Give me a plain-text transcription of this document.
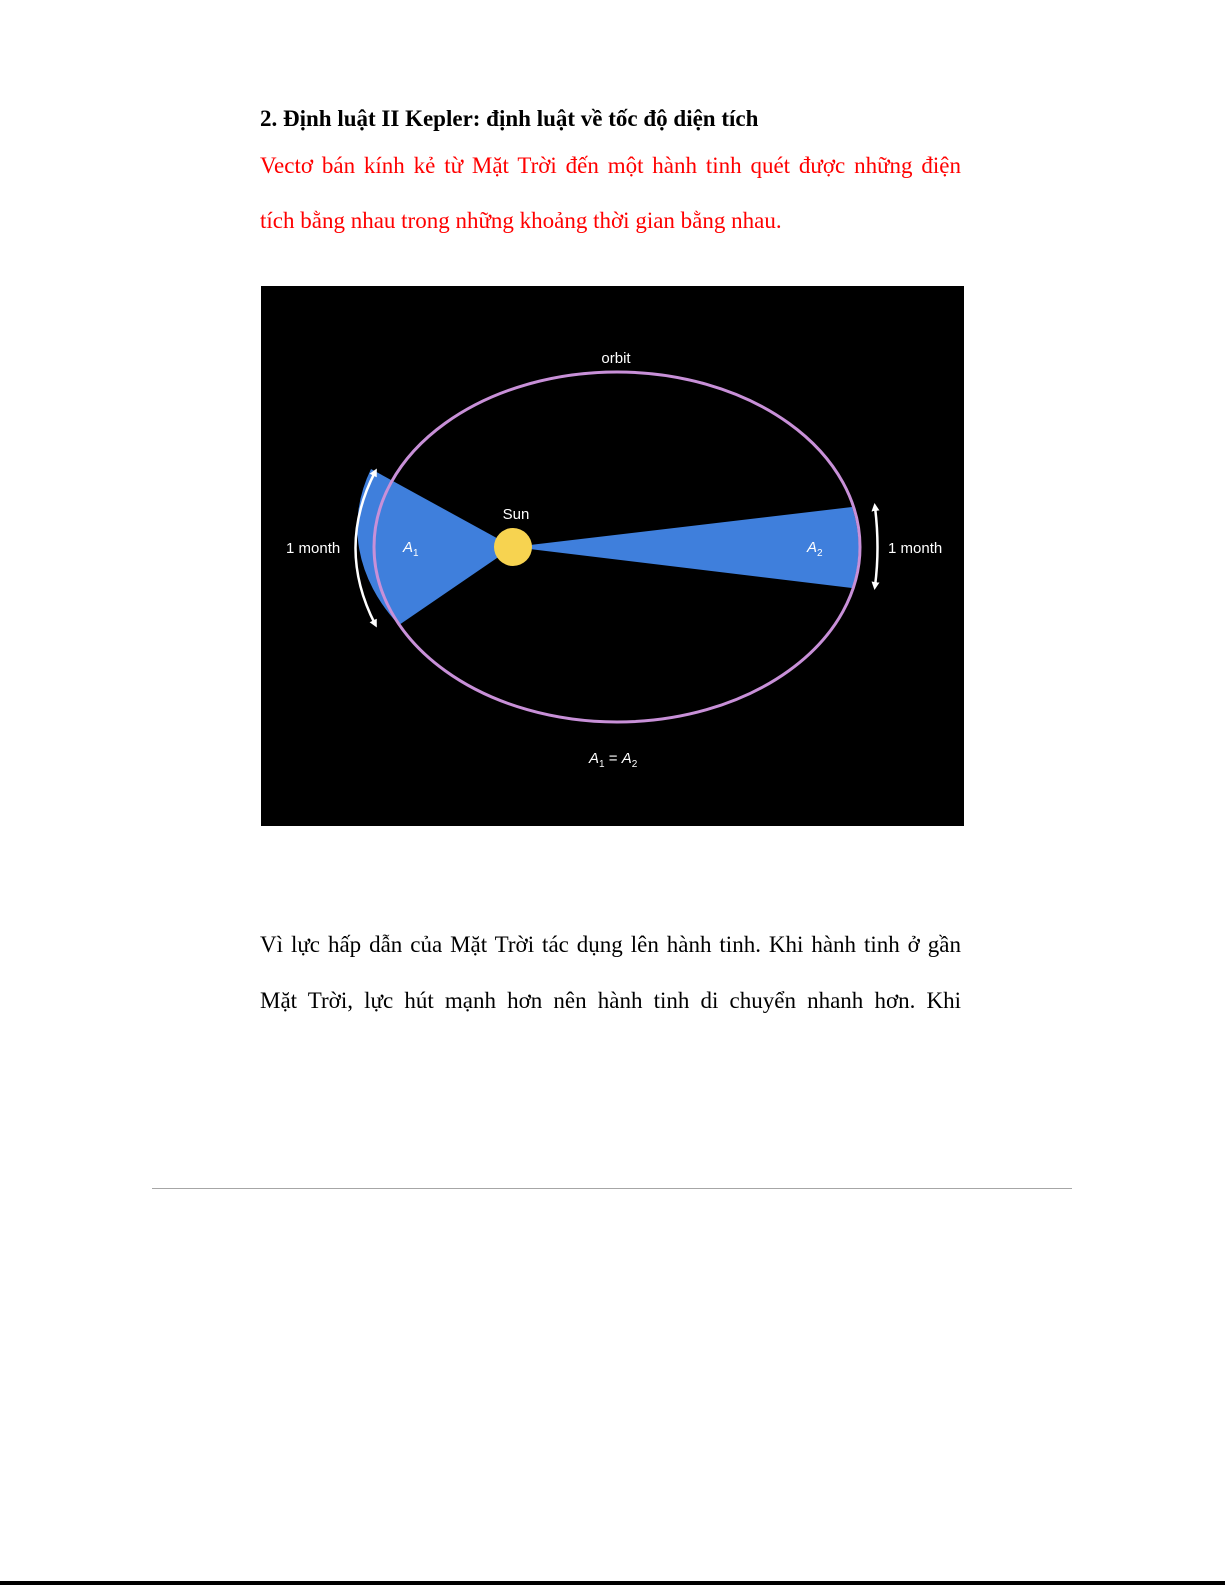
2. Định luật II Kepler: định luật về tốc độ diện tích

Vectơ bán kính kẻ từ Mặt Trời đến một hành tinh quét được những điện

tích bằng nhau trong những khoảng thời gian bằng nhau.

orbit
Sun
1 month	1 month
$A_1$	$A_2$
$A_1 = A_2$

Vì lực hấp dẫn của Mặt Trời tác dụng lên hành tinh. Khi hành tinh ở gần

Mặt Trời, lực hút mạnh hơn nên hành tinh di chuyển nhanh hơn. Khi
